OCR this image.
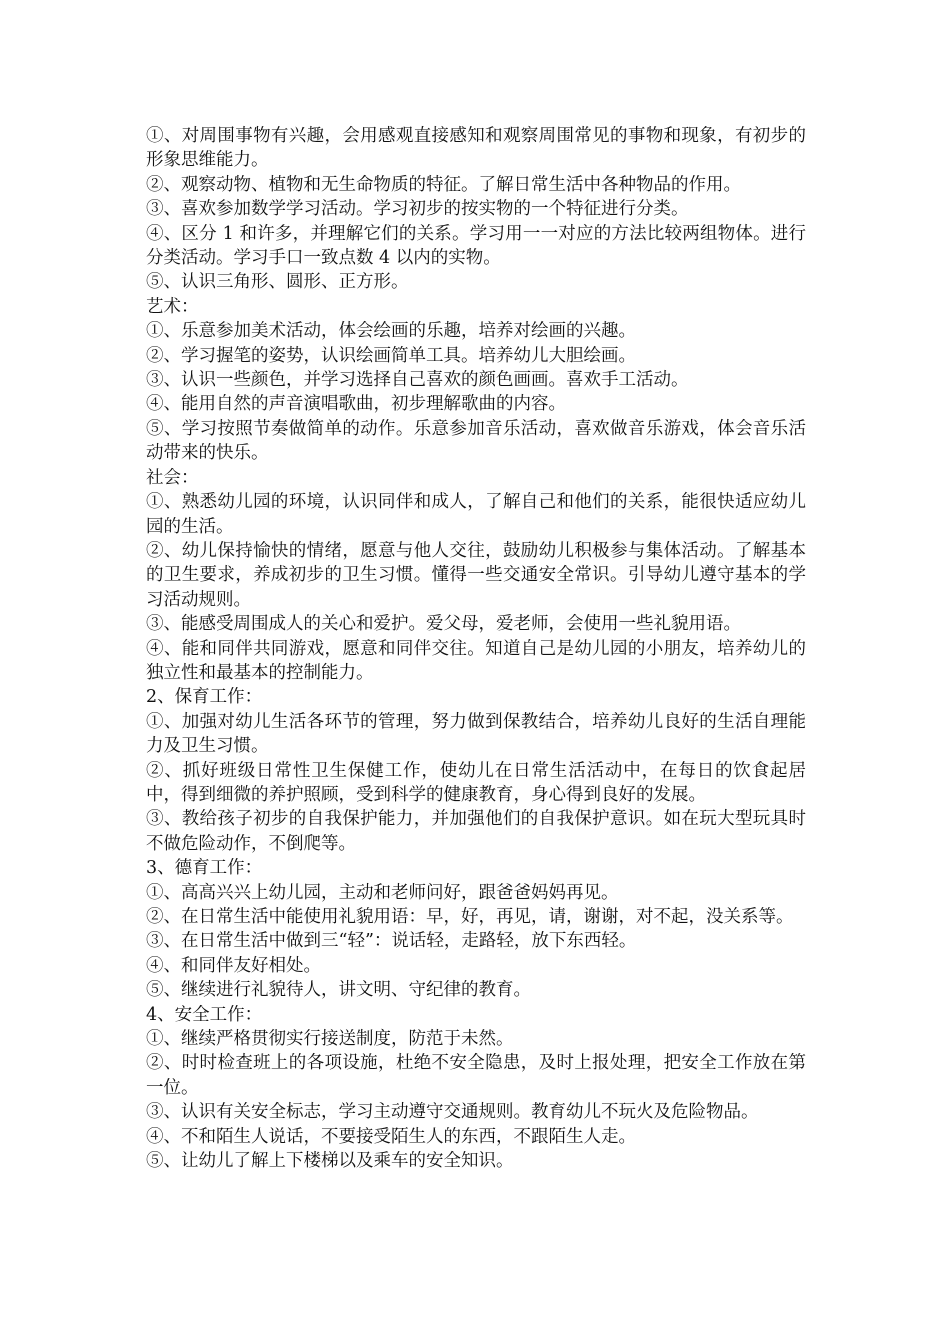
①、对周围事物有兴趣，会用感观直接感知和观察周围常见的事物和现象，有初步的形象思维能力。

②、观察动物、植物和无生命物质的特征。了解日常生活中各种物品的作用。

③、喜欢参加数学学习活动。学习初步的按实物的一个特征进行分类。

④、区分 1 和许多，并理解它们的关系。学习用一一对应的方法比较两组物体。进行分类活动。学习手口一致点数 4 以内的实物。

⑤、认识三角形、圆形、正方形。

艺术：

①、乐意参加美术活动，体会绘画的乐趣，培养对绘画的兴趣。

②、学习握笔的姿势，认识绘画简单工具。培养幼儿大胆绘画。

③、认识一些颜色，并学习选择自己喜欢的颜色画画。喜欢手工活动。

④、能用自然的声音演唱歌曲，初步理解歌曲的内容。

⑤、学习按照节奏做简单的动作。乐意参加音乐活动，喜欢做音乐游戏，体会音乐活动带来的快乐。

社会：

①、熟悉幼儿园的环境，认识同伴和成人，了解自己和他们的关系，能很快适应幼儿园的生活。

②、幼儿保持愉快的情绪，愿意与他人交往，鼓励幼儿积极参与集体活动。了解基本的卫生要求，养成初步的卫生习惯。懂得一些交通安全常识。引导幼儿遵守基本的学习活动规则。

③、能感受周围成人的关心和爱护。爱父母，爱老师，会使用一些礼貌用语。

④、能和同伴共同游戏，愿意和同伴交往。知道自己是幼儿园的小朋友，培养幼儿的独立性和最基本的控制能力。

2、保育工作：

①、加强对幼儿生活各环节的管理，努力做到保教结合，培养幼儿良好的生活自理能力及卫生习惯。

②、抓好班级日常性卫生保健工作，使幼儿在日常生活活动中，在每日的饮食起居中，得到细微的养护照顾，受到科学的健康教育，身心得到良好的发展。

③、教给孩子初步的自我保护能力，并加强他们的自我保护意识。如在玩大型玩具时不做危险动作，不倒爬等。

3、德育工作：

①、高高兴兴上幼儿园，主动和老师问好，跟爸爸妈妈再见。

②、在日常生活中能使用礼貌用语：早，好，再见，请，谢谢，对不起，没关系等。

③、在日常生活中做到三“轻”：说话轻，走路轻，放下东西轻。

④、和同伴友好相处。

⑤、继续进行礼貌待人，讲文明、守纪律的教育。

4、安全工作：

①、继续严格贯彻实行接送制度，防范于未然。

②、时时检查班上的各项设施，杜绝不安全隐患，及时上报处理，把安全工作放在第一位。

③、认识有关安全标志，学习主动遵守交通规则。教育幼儿不玩火及危险物品。

④、不和陌生人说话，不要接受陌生人的东西，不跟陌生人走。

⑤、让幼儿了解上下楼梯以及乘车的安全知识。
